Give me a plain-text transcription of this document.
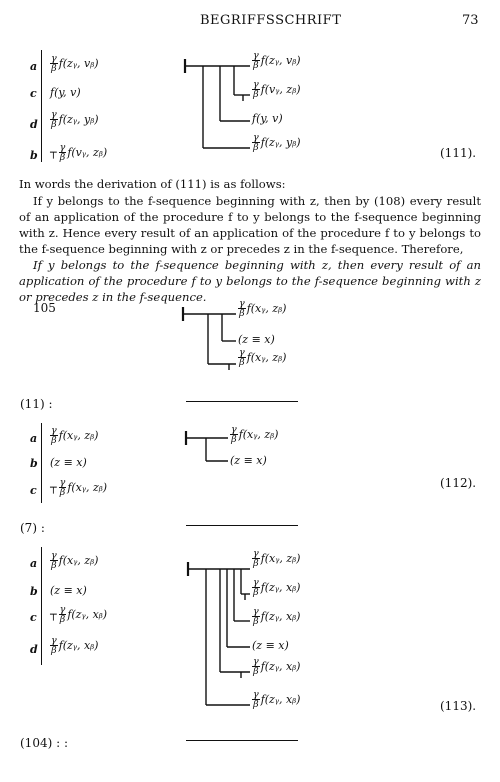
BEGRIFFSSCHRIFT	73
a $\frac{\gamma}{\beta}$ f(zᵧ, vᵦ)
c f(y, v)
d $\frac{\gamma}{\beta}$ f(zᵧ, yᵦ)
b ┬ $\frac{\gamma}{\beta}$ f(vᵧ, zᵦ)
$\frac{\gamma}{\beta}$ f(zᵧ, vᵦ)
$\frac{\gamma}{\beta}$ f(vᵧ, zᵦ)
f(y, v)
$\frac{\gamma}{\beta}$ f(zᵧ, yᵦ)
(111).
In words the derivation of (111) is as follows:
If y belongs to the f-sequence beginning with z, then by (108) every result of an application of the procedure f to y belongs to the f-sequence beginning with z. Hence every result of an application of the procedure f to y belongs to the f-sequence beginning with z or precedes z in the f-sequence. Therefore,
If y belongs to the f-sequence beginning with z, then every result of an application of the procedure f to y belongs to the f-sequence beginning with z or precedes z in the f-sequence.
105	$\frac{\gamma}{\beta}$ f(xᵧ, zᵦ)
(z ≡ x)
$\frac{\gamma}{\beta}$ f(xᵧ, zᵦ)
(11) :
a $\frac{\gamma}{\beta}$ f(xᵧ, zᵦ)
b (z ≡ x)
c ┬ $\frac{\gamma}{\beta}$ f(xᵧ, zᵦ)
$\frac{\gamma}{\beta}$ f(xᵧ, zᵦ)
(z ≡ x)
(112).
(7) :
a $\frac{\gamma}{\beta}$ f(xᵧ, zᵦ)
b (z ≡ x)
c ┬ $\frac{\gamma}{\beta}$ f(zᵧ, xᵦ)
d $\frac{\gamma}{\beta}$ f(zᵧ, xᵦ)
$\frac{\gamma}{\beta}$ f(xᵧ, zᵦ)
$\frac{\gamma}{\beta}$ f(zᵧ, xᵦ)
$\frac{\gamma}{\beta}$ f(zᵧ, xᵦ)
(z ≡ x)
$\frac{\gamma}{\beta}$ f(zᵧ, xᵦ)
$\frac{\gamma}{\beta}$ f(zᵧ, xᵦ)	(113).
(104) : :
